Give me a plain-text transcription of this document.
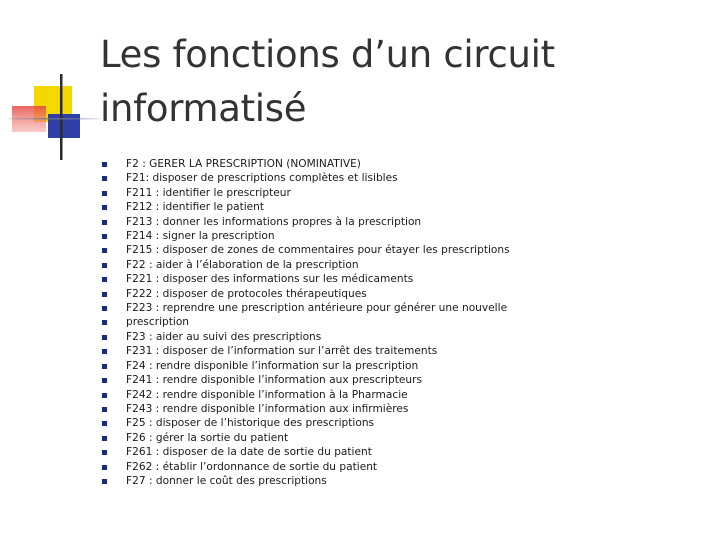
Les fonctions d’un circuit informatisé
F2 : GERER LA PRESCRIPTION (NOMINATIVE)
F21: disposer de prescriptions complètes et lisibles
F211 : identifier le prescripteur
F212 : identifier le patient
F213 : donner les informations propres à la prescription
F214 : signer la prescription
F215 : disposer de zones de commentaires pour étayer les prescriptions
F22 : aider à l’élaboration de la prescription
F221 : disposer des informations sur les médicaments
F222 : disposer de protocoles thérapeutiques
F223 : reprendre une prescription antérieure pour générer une nouvelle
prescription
F23 : aider au suivi des prescriptions
F231 : disposer de l’information sur l’arrêt des traitements
F24 : rendre disponible l’information sur la prescription
F241 : rendre disponible l’information aux prescripteurs
F242 : rendre disponible l’information à la Pharmacie
F243 : rendre disponible l’information aux infirmières
F25 : disposer de l’historique des prescriptions
F26 : gérer la sortie du patient
F261 : disposer de la date de sortie du patient
F262 : établir l’ordonnance de sortie du patient
F27 : donner le coût des prescriptions
